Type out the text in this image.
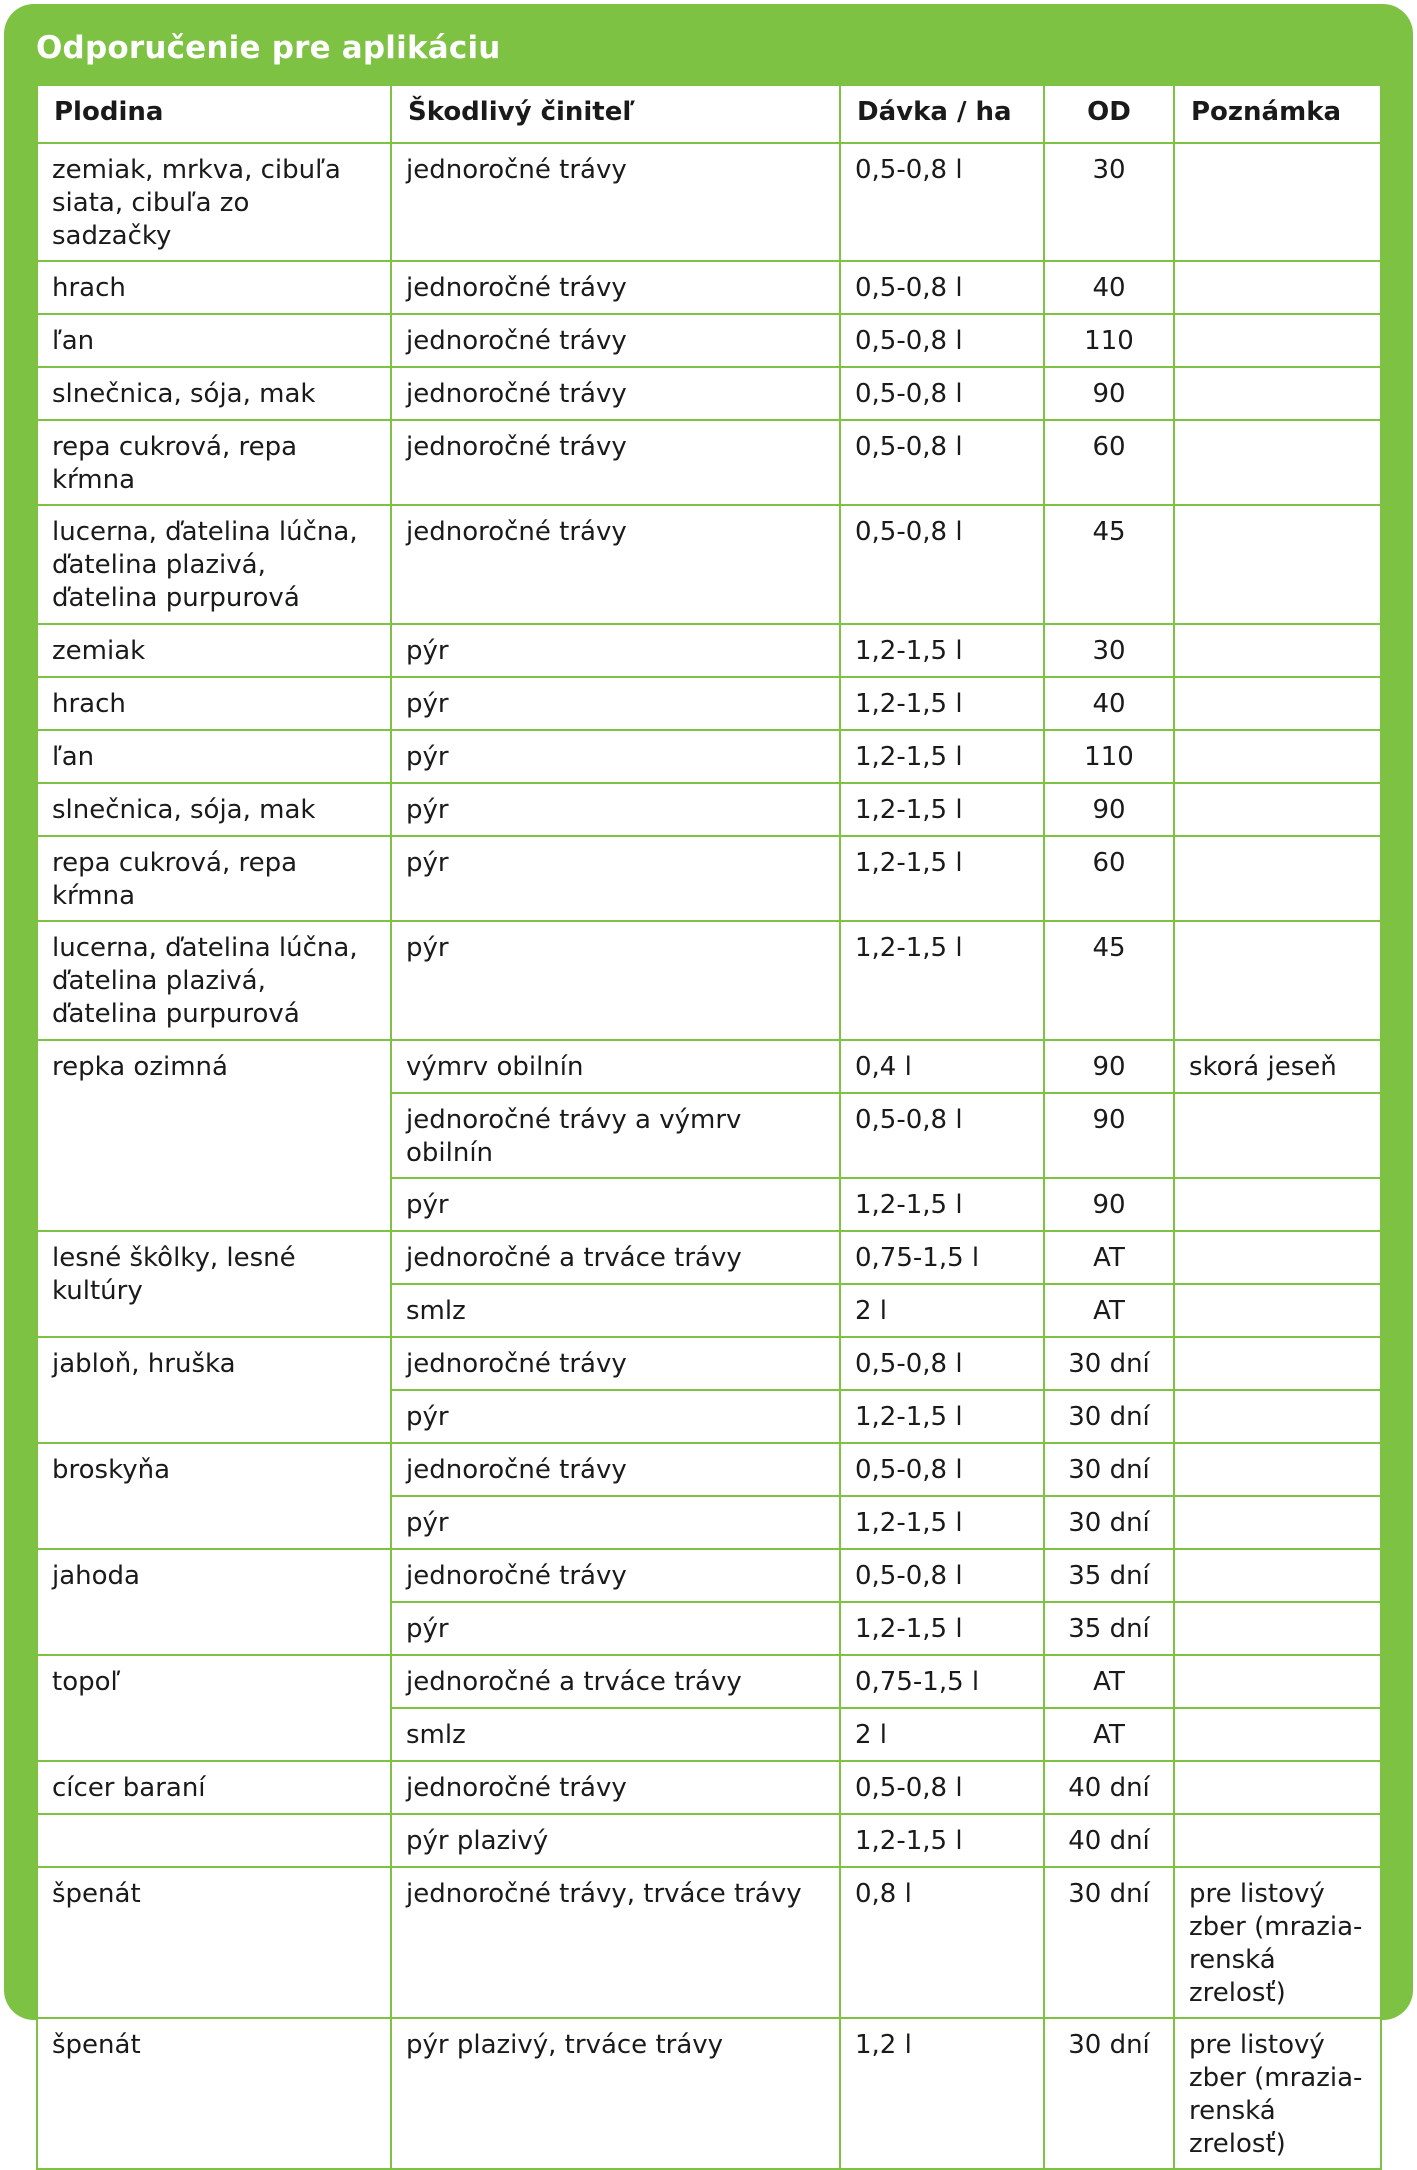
Odporučenie pre aplikáciu
Plodina	Škodlivý činiteľ	Dávka / ha	OD	Poznámka
zemiak, mrkva, cibuľa siata, cibuľa zo sadzačky	jednoročné trávy	0,5-0,8 l	30	
hrach	jednoročné trávy	0,5-0,8 l	40	
ľan	jednoročné trávy	0,5-0,8 l	110	
slnečnica, sója, mak	jednoročné trávy	0,5-0,8 l	90	
repa cukrová, repa kŕmna	jednoročné trávy	0,5-0,8 l	60	
lucerna, ďatelina lúčna, ďatelina plazivá, ďatelina purpurová	jednoročné trávy	0,5-0,8 l	45	
zemiak	pýr	1,2-1,5 l	30	
hrach	pýr	1,2-1,5 l	40	
ľan	pýr	1,2-1,5 l	110	
slnečnica, sója, mak	pýr	1,2-1,5 l	90	
repa cukrová, repa kŕmna	pýr	1,2-1,5 l	60	
lucerna, ďatelina lúčna, ďatelina plazivá, ďatelina purpurová	pýr	1,2-1,5 l	45	
repka ozimná	výmrv obilnín	0,4 l	90	skorá jeseň
	jednoročné trávy a výmrv obilnín	0,5-0,8 l	90	
	pýr	1,2-1,5 l	90	
lesné škôlky, lesné kultúry	jednoročné a trváce trávy	0,75-1,5 l	AT	
	smlz	2 l	AT	
jabloň, hruška	jednoročné trávy	0,5-0,8 l	30 dní	
	pýr	1,2-1,5 l	30 dní	
broskyňa	jednoročné trávy	0,5-0,8 l	30 dní	
	pýr	1,2-1,5 l	30 dní	
jahoda	jednoročné trávy	0,5-0,8 l	35 dní	
	pýr	1,2-1,5 l	35 dní	
topoľ	jednoročné a trváce trávy	0,75-1,5 l	AT	
	smlz	2 l	AT	
cícer baraní	jednoročné trávy	0,5-0,8 l	40 dní	
	pýr plazivý	1,2-1,5 l	40 dní	
špenát	jednoročné trávy, trváce trávy	0,8 l	30 dní	pre listový zber (mrazia-renská zrelosť)
špenát	pýr plazivý, trváce trávy	1,2 l	30 dní	pre listový zber (mrazia-renská zrelosť)
